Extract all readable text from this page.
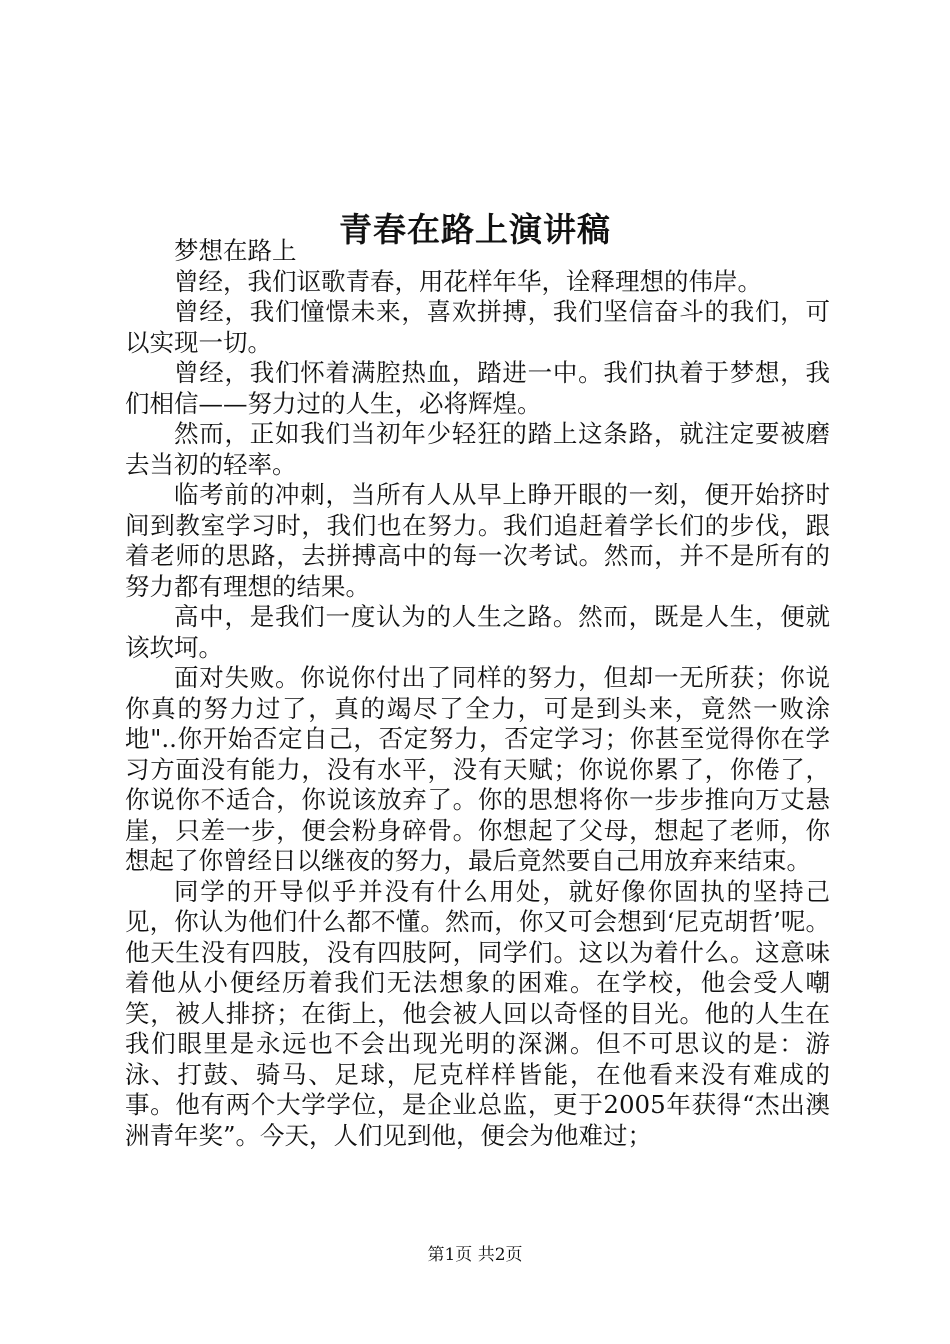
青春在路上演讲稿

梦想在路上

曾经，我们讴歌青春，用花样年华，诠释理想的伟岸。

曾经，我们憧憬未来，喜欢拼搏，我们坚信奋斗的我们，可以实现一切。

曾经，我们怀着满腔热血，踏进一中。我们执着于梦想，我们相信——努力过的人生，必将辉煌。

然而，正如我们当初年少轻狂的踏上这条路，就注定要被磨去当初的轻率。

临考前的冲刺，当所有人从早上睁开眼的一刻，便开始挤时间到教室学习时，我们也在努力。我们追赶着学长们的步伐，跟着老师的思路，去拼搏高中的每一次考试。然而，并不是所有的努力都有理想的结果。

高中，是我们一度认为的人生之路。然而，既是人生，便就该坎坷。

面对失败。你说你付出了同样的努力，但却一无所获；你说你真的努力过了，真的竭尽了全力，可是到头来，竟然一败涂地"..你开始否定自己，否定努力，否定学习；你甚至觉得你在学习方面没有能力，没有水平，没有天赋；你说你累了，你倦了，你说你不适合，你说该放弃了。你的思想将你一步步推向万丈悬崖，只差一步，便会粉身碎骨。你想起了父母，想起了老师，你想起了你曾经日以继夜的努力，最后竟然要自己用放弃来结束。

同学的开导似乎并没有什么用处，就好像你固执的坚持己见，你认为他们什么都不懂。然而，你又可会想到‘尼克胡哲’呢。他天生没有四肢，没有四肢阿，同学们。这以为着什么。这意味着他从小便经历着我们无法想象的困难。在学校，他会受人嘲笑，被人排挤；在街上，他会被人回以奇怪的目光。他的人生在我们眼里是永远也不会出现光明的深渊。但不可思议的是：游泳、打鼓、骑马、足球，尼克样样皆能，在他看来没有难成的事。他有两个大学学位，是企业总监，更于2005年获得“杰出澳洲青年奖”。今天，人们见到他，便会为他难过；

第1页 共2页
